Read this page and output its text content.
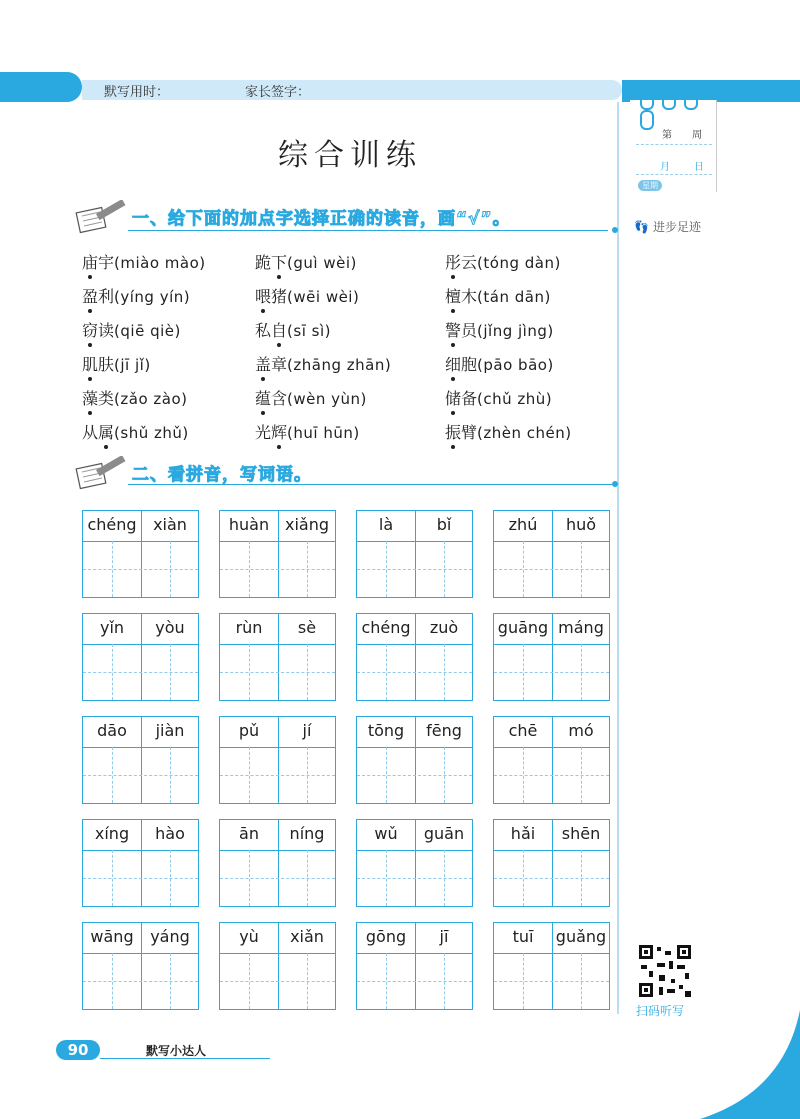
默写用时：	家长签字：
第 周
月 日
星期
👣 进步足迹
综合训练
一、给下面的加点字选择正确的读音，画“√”。
庙宇(miào mào)	跪下(guì wèi)	彤云(tóng dàn)
盈利(yíng yín)	喂猪(wēi wèi)	檀木(tán dān)
窃读(qiē qiè)	私自(sī sì)	警员(jǐng jìng)
肌肤(jī jǐ)	盖章(zhāng zhān)	细胞(pāo bāo)
藻类(zǎo zào)	蕴含(wèn yùn)	储备(chǔ zhù)
从属(shǔ zhǔ)	光辉(huī hūn)	振臂(zhèn chén)
二、看拼音，写词语。
chéng	xiàn	huàn xiǎng	là	bǐ	zhú	huǒ
yǐn	yòu	rùn	sè	chéng	zuò	guāng máng
dāo	jiàn	pǔ	jí	tōng	fēng	chē	mó
xíng	hào	ān	níng	wǔ	guān	hǎi	shēn
wāng	yáng	yù	xiǎn	gōng	jī	tuī	guǎng
扫码听写
90	默写小达人
